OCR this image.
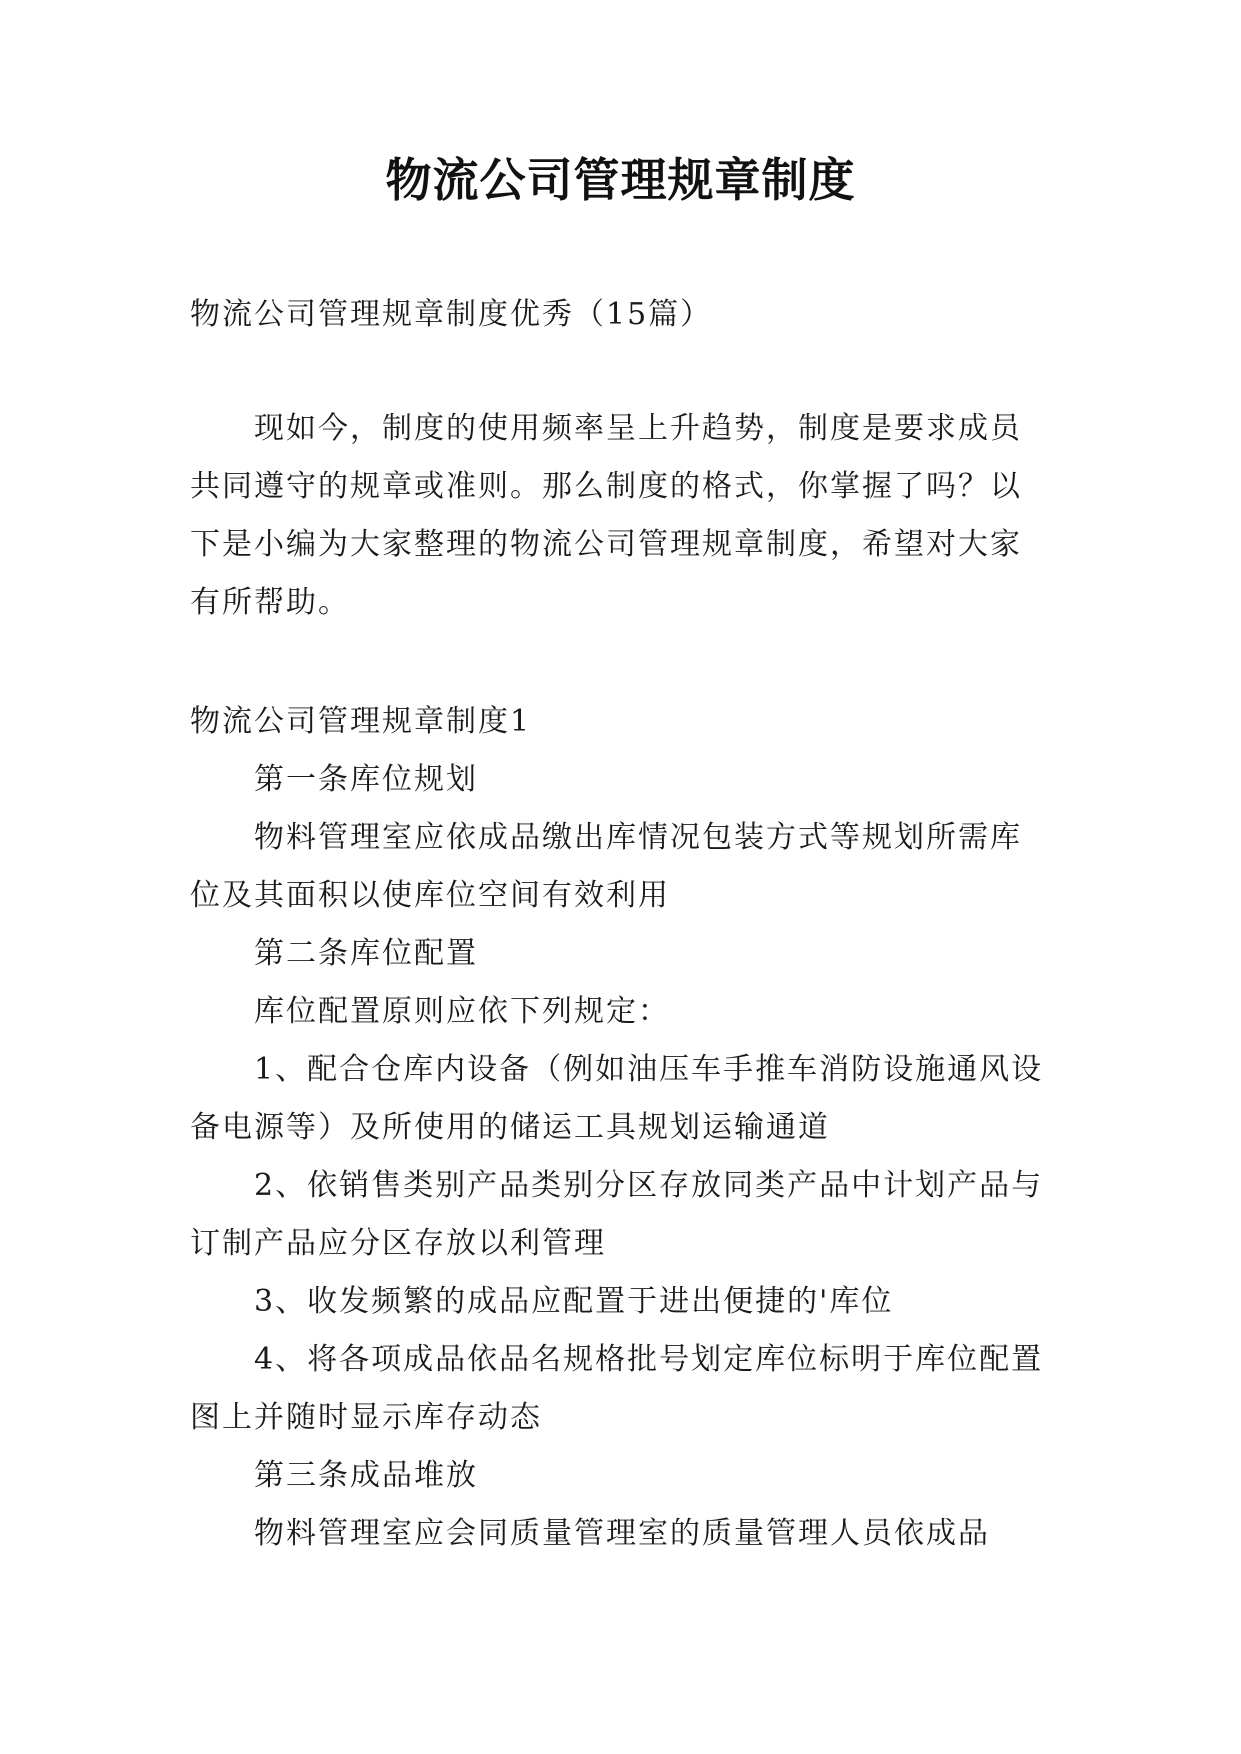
物流公司管理规章制度

物流公司管理规章制度优秀（15篇）

现如今，制度的使用频率呈上升趋势，制度是要求成员共同遵守的规章或准则。那么制度的格式，你掌握了吗？以下是小编为大家整理的物流公司管理规章制度，希望对大家有所帮助。

物流公司管理规章制度1

第一条库位规划

物料管理室应依成品缴出库情况包装方式等规划所需库位及其面积以使库位空间有效利用

第二条库位配置

库位配置原则应依下列规定：

1、配合仓库内设备（例如油压车手推车消防设施通风设备电源等）及所使用的储运工具规划运输通道

2、依销售类别产品类别分区存放同类产品中计划产品与订制产品应分区存放以利管理

3、收发频繁的成品应配置于进出便捷的'库位

4、将各项成品依品名规格批号划定库位标明于库位配置图上并随时显示库存动态

第三条成品堆放

物料管理室应会同质量管理室的质量管理人员依成品
